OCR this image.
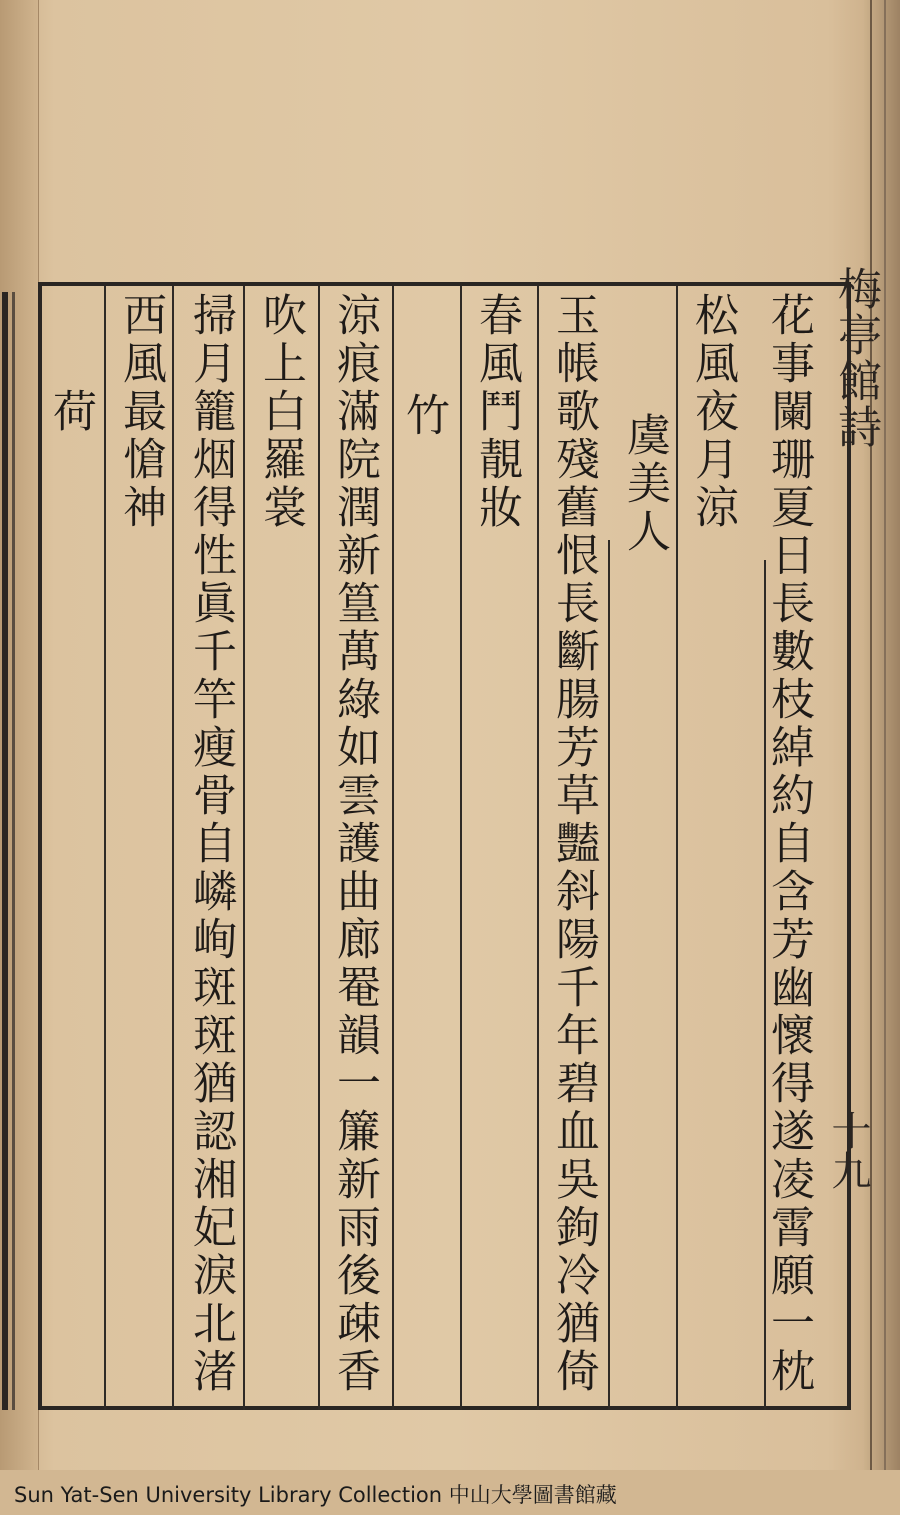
梅亭館詩
十九
花事闌珊夏日長數枝綽約自含芳幽懷得遂凌霄願一枕
松風夜月涼
虞美人
玉帳歌殘舊恨長斷腸芳草豔斜陽千年碧血吳鉤冷猶倚
春風鬥靚妝
竹
涼痕滿院潤新篁萬綠如雲護曲廊罨韻一簾新雨後疎香
吹上白羅裳
掃月籠烟得性眞千竿瘦骨自嶙峋斑斑猶認湘妃淚北渚
西風最愴神
荷
Sun Yat-Sen University Library Collection 中山大學圖書館藏
